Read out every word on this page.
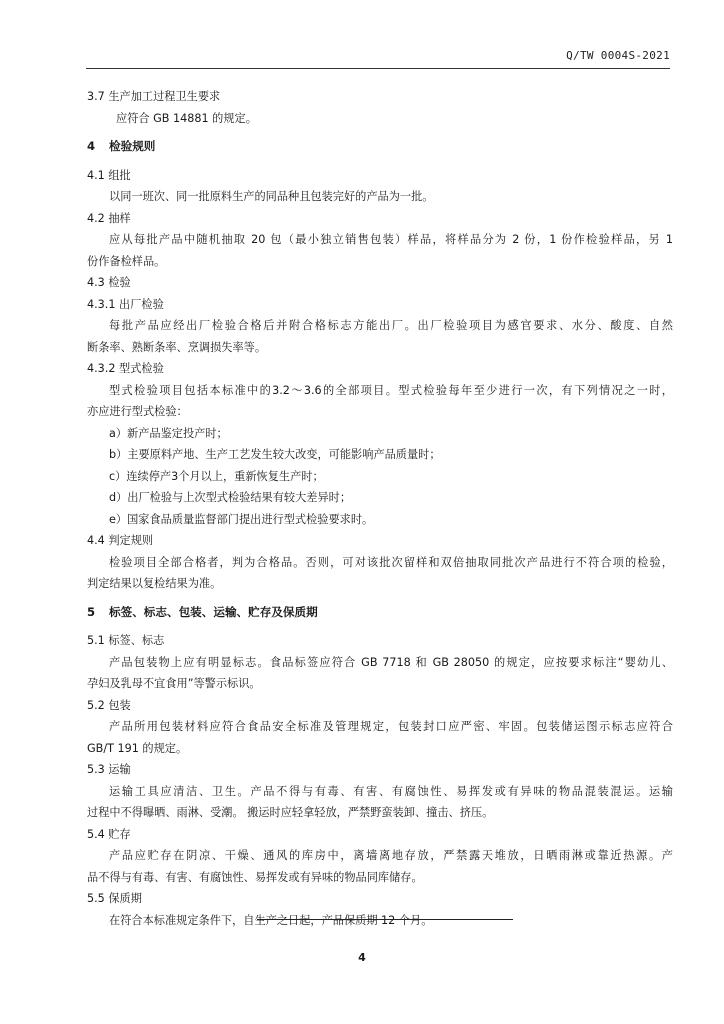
Q/TW 0004S-2021
3.7 生产加工过程卫生要求
应符合 GB 14881 的规定。
4 检验规则
4.1 组批
以同一班次、同一批原料生产的同品种且包装完好的产品为一批。
4.2 抽样
应从每批产品中随机抽取 20 包（最小独立销售包装）样品，将样品分为 2 份，1 份作检验样品，另 1
份作备检样品。
4.3 检验
4.3.1 出厂检验
每批产品应经出厂检验合格后并附合格标志方能出厂。出厂检验项目为感官要求、水分、酸度、自然
断条率、熟断条率、烹调损失率等。
4.3.2 型式检验
型式检验项目包括本标准中的3.2～3.6的全部项目。型式检验每年至少进行一次，有下列情况之一时，
亦应进行型式检验：
a）新产品鉴定投产时；
b）主要原料产地、生产工艺发生较大改变，可能影响产品质量时；
c）连续停产3个月以上，重新恢复生产时；
d）出厂检验与上次型式检验结果有较大差异时；
e）国家食品质量监督部门提出进行型式检验要求时。
4.4 判定规则
检验项目全部合格者，判为合格品。否则，可对该批次留样和双倍抽取同批次产品进行不符合项的检验，
判定结果以复检结果为准。
5 标签、标志、包装、运输、贮存及保质期
5.1 标签、标志
产品包装物上应有明显标志。食品标签应符合 GB 7718 和 GB 28050 的规定，应按要求标注“婴幼儿、
孕妇及乳母不宜食用”等警示标识。
5.2 包装
产品所用包装材料应符合食品安全标准及管理规定，包装封口应严密、牢固。包装储运图示标志应符合
GB/T 191 的规定。
5.3 运输
运输工具应清洁、卫生。产品不得与有毒、有害、有腐蚀性、易挥发或有异味的物品混装混运。运输
过程中不得曝晒、雨淋、受潮。 搬运时应轻拿轻放，严禁野蛮装卸、撞击、挤压。
5.4 贮存
产品应贮存在阴凉、干燥、通风的库房中，离墙离地存放，严禁露天堆放，日晒雨淋或靠近热源。产
品不得与有毒、有害、有腐蚀性、易挥发或有异味的物品同库储存。
5.5 保质期
在符合本标准规定条件下，自生产之日起，产品保质期 12 个月。
4
